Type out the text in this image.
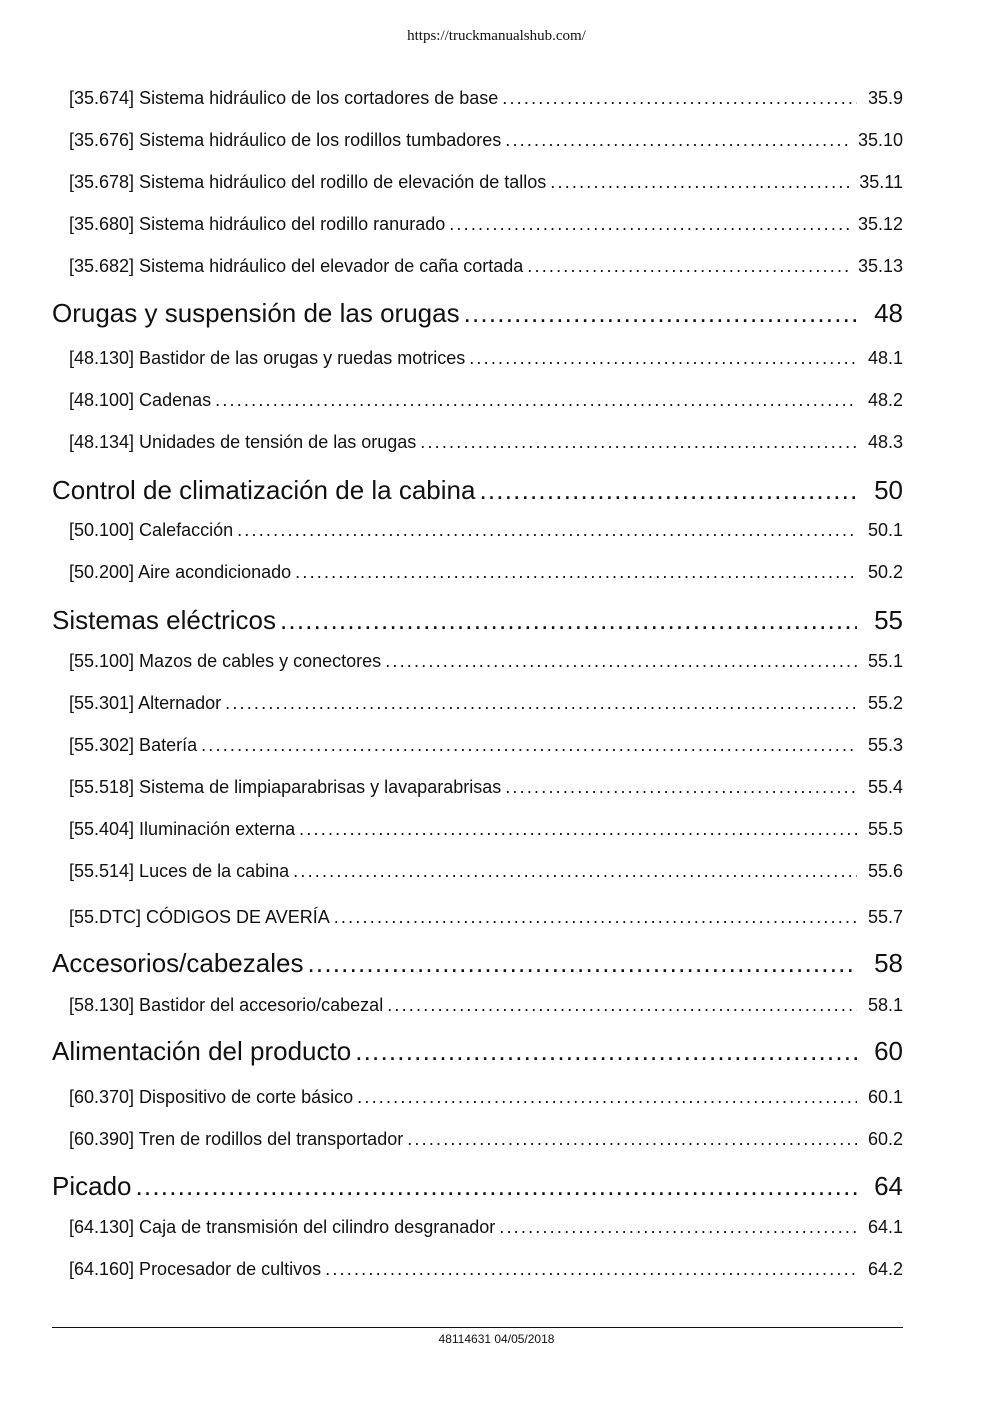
https://truckmanualshub.com/
[35.674] Sistema hidráulico de los cortadores de base .....	35.9
[35.676] Sistema hidráulico de los rodillos tumbadores .....	35.10
[35.678] Sistema hidráulico del rodillo de elevación de tallos .....	35.11
[35.680] Sistema hidráulico del rodillo ranurado .....	35.12
[35.682] Sistema hidráulico del elevador de caña cortada .....	35.13
Orugas y suspensión de las orugas .....	48
[48.130] Bastidor de las orugas y ruedas motrices .....	48.1
[48.100] Cadenas .....	48.2
[48.134] Unidades de tensión de las orugas .....	48.3
Control de climatización de la cabina .....	50
[50.100] Calefacción .....	50.1
[50.200] Aire acondicionado .....	50.2
Sistemas eléctricos .....	55
[55.100] Mazos de cables y conectores .....	55.1
[55.301] Alternador .....	55.2
[55.302] Batería .....	55.3
[55.518] Sistema de limpiaparabrisas y lavaparabrisas .....	55.4
[55.404] Iluminación externa .....	55.5
[55.514] Luces de la cabina .....	55.6
[55.DTC] CÓDIGOS DE AVERÍA .....	55.7
Accesorios/cabezales .....	58
[58.130] Bastidor del accesorio/cabezal .....	58.1
Alimentación del producto .....	60
[60.370] Dispositivo de corte básico .....	60.1
[60.390] Tren de rodillos del transportador .....	60.2
Picado .....	64
[64.130] Caja de transmisión del cilindro desgranador .....	64.1
[64.160] Procesador de cultivos .....	64.2
48114631 04/05/2018
